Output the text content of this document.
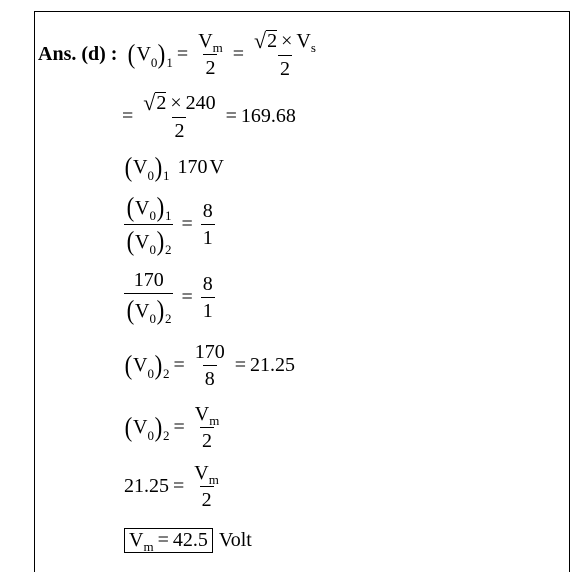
Ans. (d) : ( V 0 ) $1 = \frac{\text{V m}}{2} = \frac{\text{√ 2 × V s}}{2}$
= $\frac{√ 2 \times 240}{2} = 169.68$
( V 0 ) 1 170 V
$\frac{( V 0 ) 1}{( V 0 ) 2} = \frac{8}{1}$
$\frac{170}{( V 0 ) 2} = \frac{8}{1}$
( V 0 ) $2 = \frac{170}{8} = 21.25$
( V 0 ) $2 = \frac{\text{V m}}{2}$
$21.25 = \frac{\text{V m}}{2}$
V m = 42.5 Volt
